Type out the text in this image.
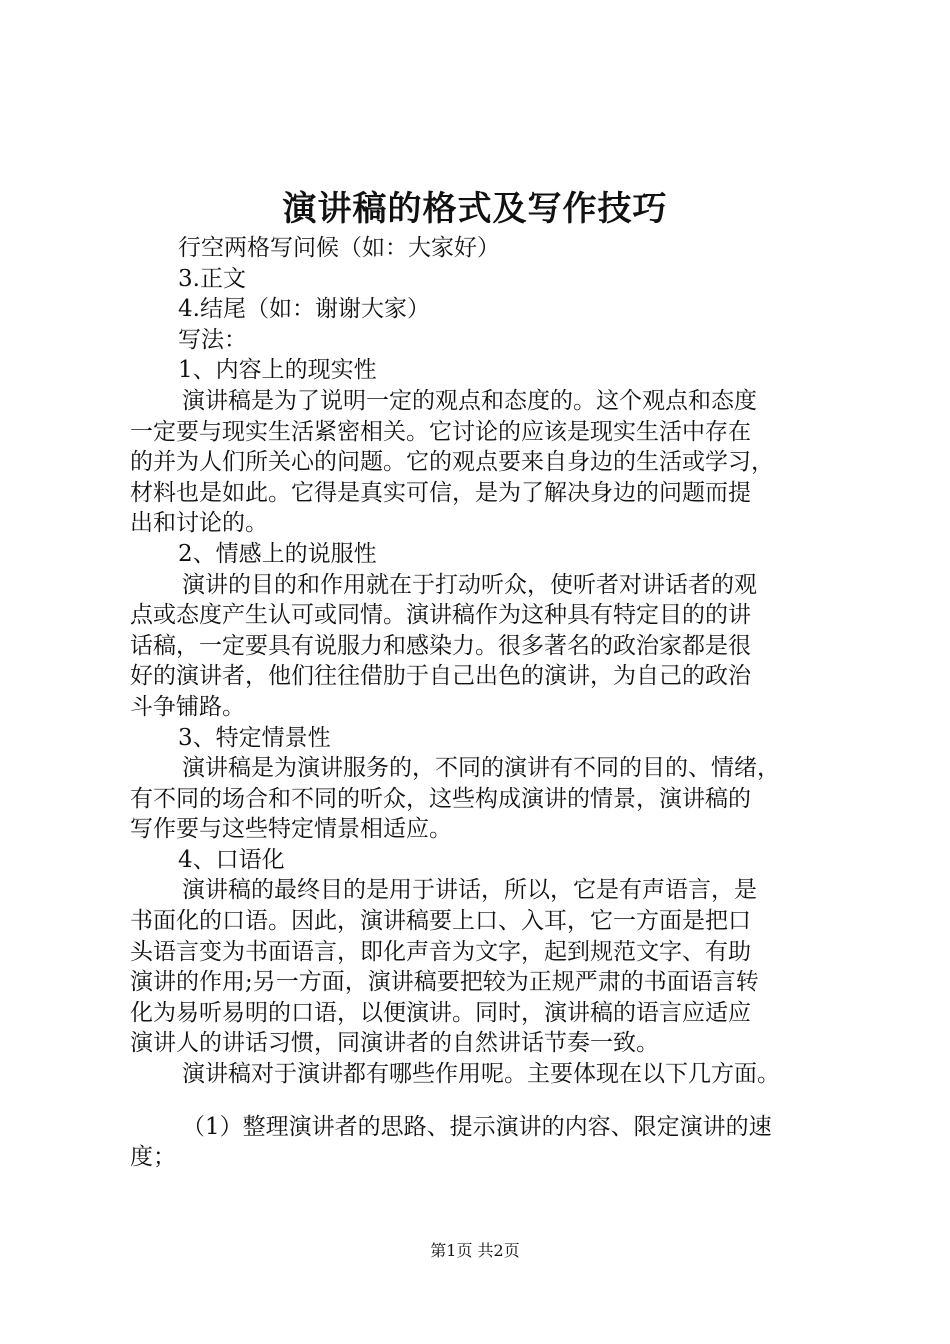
演讲稿的格式及写作技巧
行空两格写问候（如：大家好）
3.正文
4.结尾（如：谢谢大家）
写法：
1、内容上的现实性
演讲稿是为了说明一定的观点和态度的。这个观点和态度
一定要与现实生活紧密相关。它讨论的应该是现实生活中存在
的并为人们所关心的问题。它的观点要来自身边的生活或学习，
材料也是如此。它得是真实可信，是为了解决身边的问题而提
出和讨论的。
2、情感上的说服性
演讲的目的和作用就在于打动听众，使听者对讲话者的观
点或态度产生认可或同情。演讲稿作为这种具有特定目的的讲
话稿，一定要具有说服力和感染力。很多著名的政治家都是很
好的演讲者，他们往往借肋于自己出色的演讲，为自己的政治
斗争铺路。
3、特定情景性
演讲稿是为演讲服务的，不同的演讲有不同的目的、情绪，
有不同的场合和不同的听众，这些构成演讲的情景，演讲稿的
写作要与这些特定情景相适应。
4、口语化
演讲稿的最终目的是用于讲话，所以，它是有声语言，是
书面化的口语。因此，演讲稿要上口、入耳，它一方面是把口
头语言变为书面语言，即化声音为文字，起到规范文字、有助
演讲的作用;另一方面，演讲稿要把较为正规严肃的书面语言转
化为易听易明的口语，以便演讲。同时，演讲稿的语言应适应
演讲人的讲话习惯，同演讲者的自然讲话节奏一致。
演讲稿对于演讲都有哪些作用呢。主要体现在以下几方面。
（1）整理演讲者的思路、提示演讲的内容、限定演讲的速
度；
第1页 共2页
